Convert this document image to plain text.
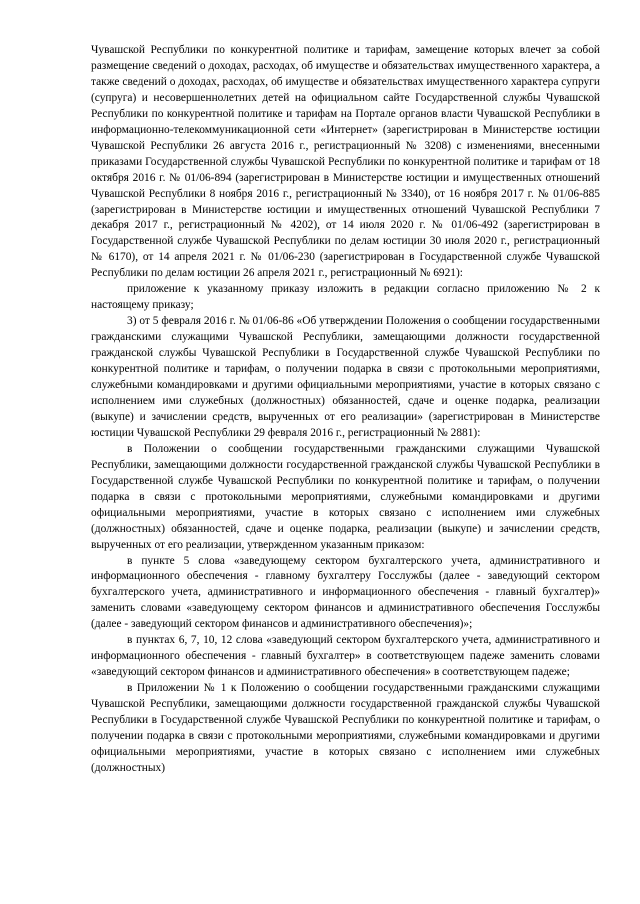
Чувашской Республики по конкурентной политике и тарифам, замещение которых влечет за собой размещение сведений о доходах, расходах, об имуществе и обязательствах имущественного характера, а также сведений о доходах, расходах, об имуществе и обязательствах имущественного характера супруги (супруга) и несовершеннолетних детей на официальном сайте Государственной службы Чувашской Республики по конкурентной политике и тарифам на Портале органов власти Чувашской Республики в информационно-телекоммуникационной сети «Интернет» (зарегистрирован в Министерстве юстиции Чувашской Республики 26 августа 2016 г., регистрационный № 3208) с изменениями, внесенными приказами Государственной службы Чувашской Республики по конкурентной политике и тарифам от 18 октября 2016 г. № 01/06-894 (зарегистрирован в Министерстве юстиции и имущественных отношений Чувашской Республики 8 ноября 2016 г., регистрационный № 3340), от 16 ноября 2017 г. № 01/06-885 (зарегистрирован в Министерстве юстиции и имущественных отношений Чувашской Республики 7 декабря 2017 г., регистрационный № 4202), от 14 июля 2020 г. № 01/06-492 (зарегистрирован в Государственной службе Чувашской Республики по делам юстиции 30 июля 2020 г., регистрационный № 6170), от 14 апреля 2021 г. № 01/06-230 (зарегистрирован в Государственной службе Чувашской Республики по делам юстиции 26 апреля 2021 г., регистрационный № 6921):

приложение к указанному приказу изложить в редакции согласно приложению № 2 к настоящему приказу;

3) от 5 февраля 2016 г. № 01/06-86 «Об утверждении Положения о сообщении государственными гражданскими служащими Чувашской Республики, замещающими должности государственной гражданской службы Чувашской Республики в Государственной службе Чувашской Республики по конкурентной политике и тарифам, о получении подарка в связи с протокольными мероприятиями, служебными командировками и другими официальными мероприятиями, участие в которых связано с исполнением ими служебных (должностных) обязанностей, сдаче и оценке подарка, реализации (выкупе) и зачислении средств, вырученных от его реализации» (зарегистрирован в Министерстве юстиции Чувашской Республики 29 февраля 2016 г., регистрационный № 2881):

в Положении о сообщении государственными гражданскими служащими Чувашской Республики, замещающими должности государственной гражданской службы Чувашской Республики в Государственной службе Чувашской Республики по конкурентной политике и тарифам, о получении подарка в связи с протокольными мероприятиями, служебными командировками и другими официальными мероприятиями, участие в которых связано с исполнением ими служебных (должностных) обязанностей, сдаче и оценке подарка, реализации (выкупе) и зачислении средств, вырученных от его реализации, утвержденном указанным приказом:

в пункте 5 слова «заведующему сектором бухгалтерского учета, административного и информационного обеспечения - главному бухгалтеру Госслужбы (далее - заведующий сектором бухгалтерского учета, административного и информационного обеспечения - главный бухгалтер)» заменить словами «заведующему сектором финансов и административного обеспечения Госслужбы (далее - заведующий сектором финансов и административного обеспечения)»;

в пунктах 6, 7, 10, 12 слова «заведующий сектором бухгалтерского учета, административного и информационного обеспечения - главный бухгалтер» в соответствующем падеже заменить словами «заведующий сектором финансов и административного обеспечения» в соответствующем падеже;

в Приложении № 1 к Положению о сообщении государственными гражданскими служащими Чувашской Республики, замещающими должности государственной гражданской службы Чувашской Республики в Государственной службе Чувашской Республики по конкурентной политике и тарифам, о получении подарка в связи с протокольными мероприятиями, служебными командировками и другими официальными мероприятиями, участие в которых связано с исполнением ими служебных (должностных)
